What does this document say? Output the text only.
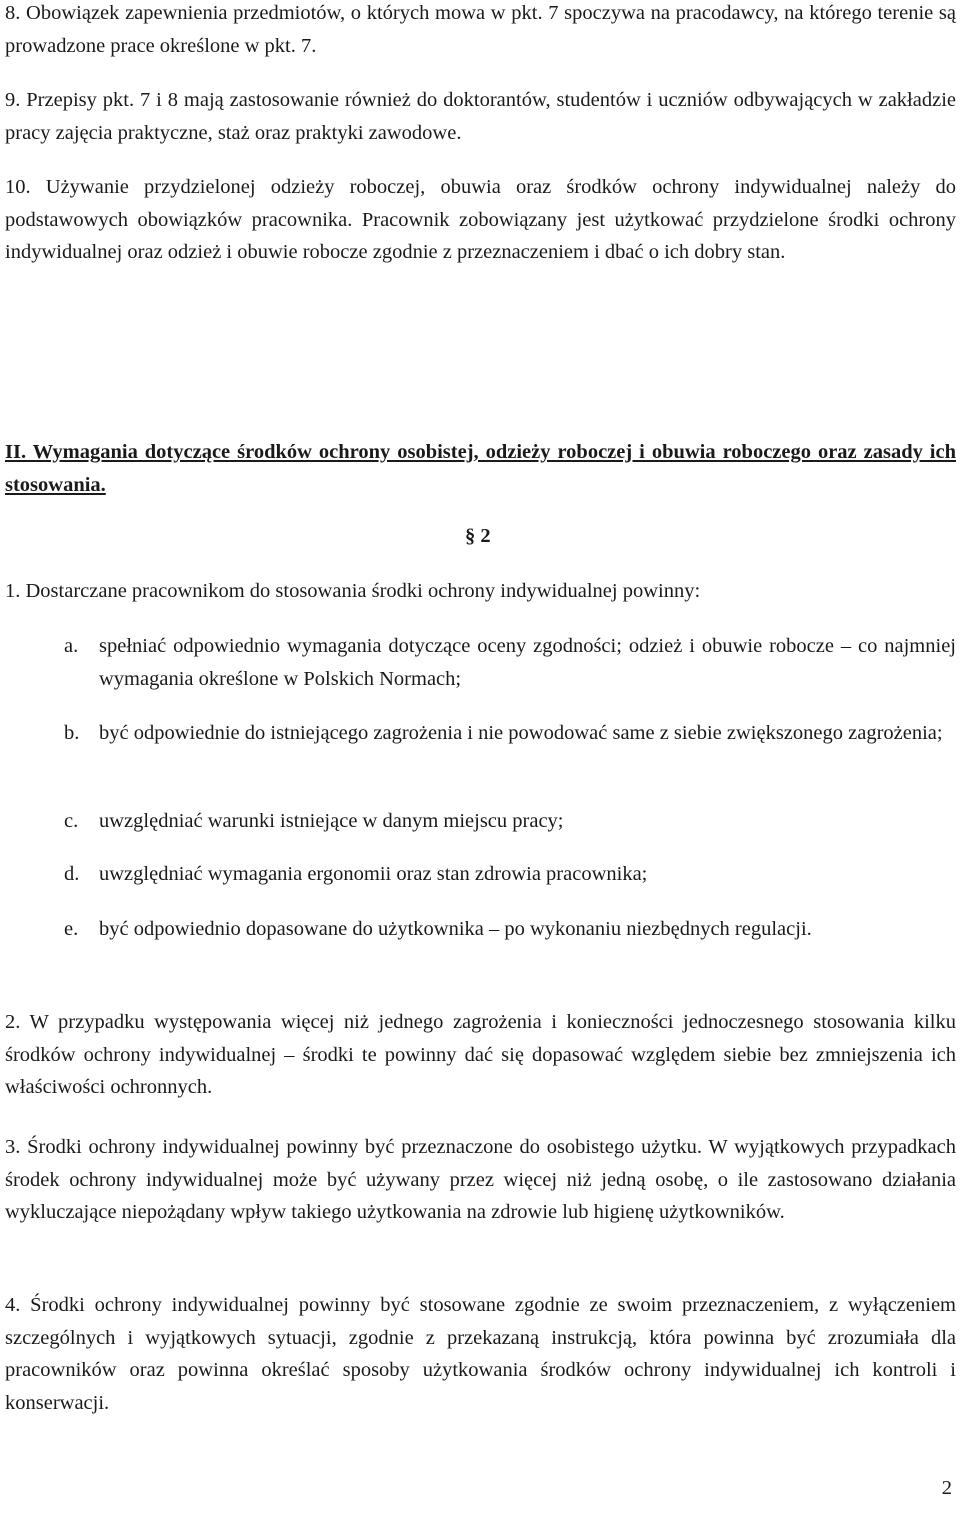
8. Obowiązek zapewnienia przedmiotów, o których mowa w pkt. 7 spoczywa na pracodawcy, na którego terenie są prowadzone prace określone w pkt. 7.

9. Przepisy pkt. 7 i 8 mają zastosowanie również do doktorantów, studentów i uczniów odbywających w zakładzie pracy zajęcia praktyczne, staż oraz praktyki zawodowe.

10. Używanie przydzielonej odzieży roboczej, obuwia oraz środków ochrony indywidualnej należy do podstawowych obowiązków pracownika. Pracownik zobowiązany jest użytkować przydzielone środki ochrony indywidualnej oraz odzież i obuwie robocze zgodnie z przeznaczeniem i dbać o ich dobry stan.

II. Wymagania dotyczące środków ochrony osobistej, odzieży roboczej i obuwia roboczego oraz zasady ich stosowania.

§ 2

1. Dostarczane pracownikom do stosowania środki ochrony indywidualnej powinny:

a. spełniać odpowiednio wymagania dotyczące oceny zgodności; odzież i obuwie robocze – co najmniej wymagania określone w Polskich Normach;
b. być odpowiednie do istniejącego zagrożenia i nie powodować same z siebie zwiększonego zagrożenia;
c. uwzględniać warunki istniejące w danym miejscu pracy;
d. uwzględniać wymagania ergonomii oraz stan zdrowia pracownika;
e. być odpowiednio dopasowane do użytkownika – po wykonaniu niezbędnych regulacji.

2. W przypadku występowania więcej niż jednego zagrożenia i konieczności jednoczesnego stosowania kilku środków ochrony indywidualnej – środki te powinny dać się dopasować względem siebie bez zmniejszenia ich właściwości ochronnych.

3. Środki ochrony indywidualnej powinny być przeznaczone do osobistego użytku. W wyjątkowych przypadkach środek ochrony indywidualnej może być używany przez więcej niż jedną osobę, o ile zastosowano działania wykluczające niepożądany wpływ takiego użytkowania na zdrowie lub higienę użytkowników.

4. Środki ochrony indywidualnej powinny być stosowane zgodnie ze swoim przeznaczeniem, z wyłączeniem szczególnych i wyjątkowych sytuacji, zgodnie z przekazaną instrukcją, która powinna być zrozumiała dla pracowników oraz powinna określać sposoby użytkowania środków ochrony indywidualnej ich kontroli i konserwacji.

2
